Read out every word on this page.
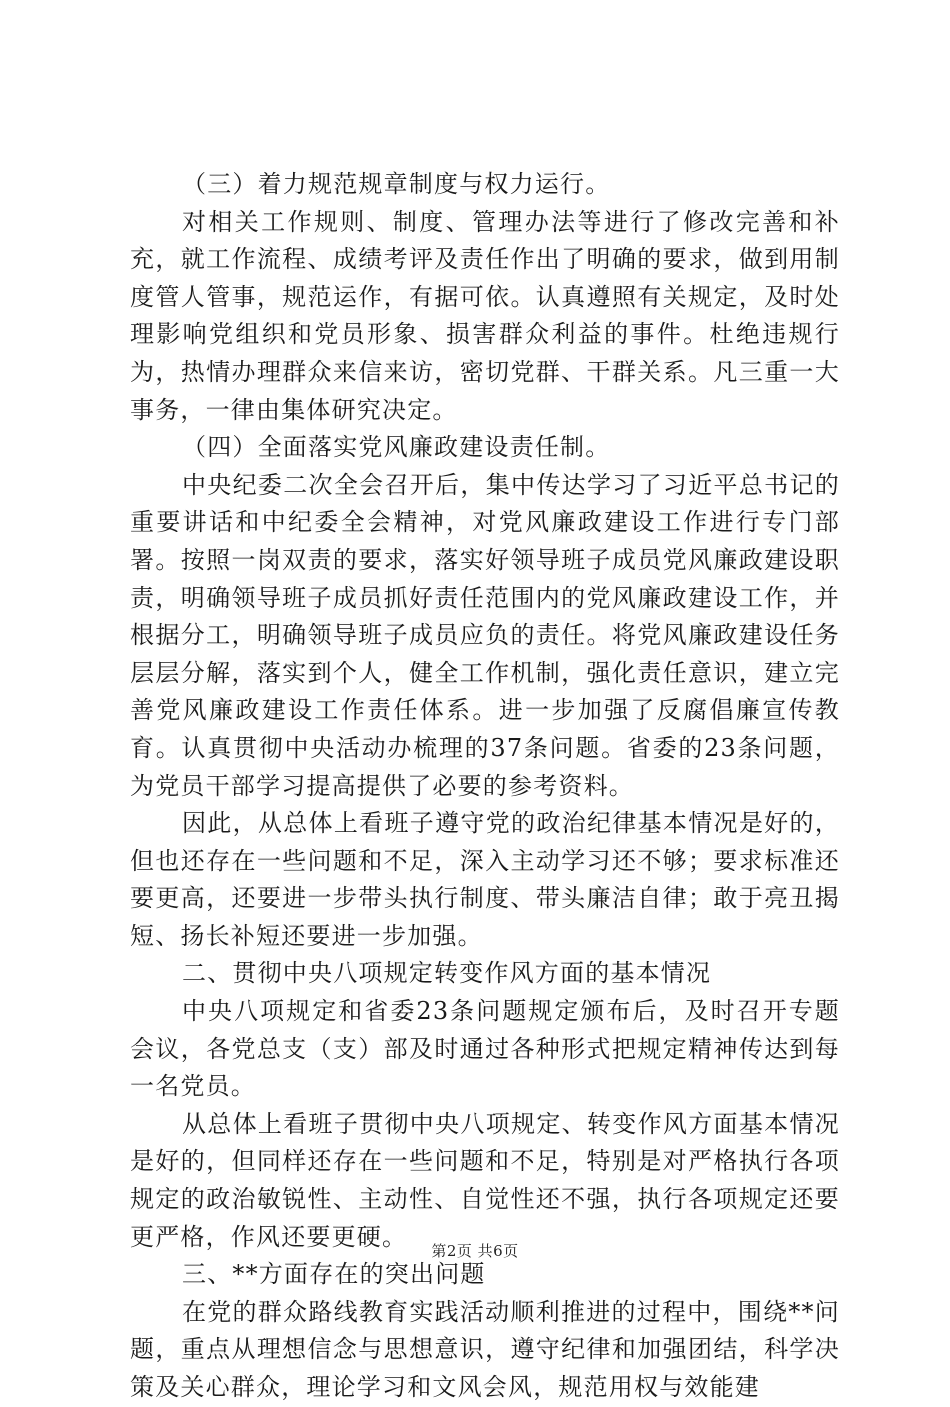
（三）着力规范规章制度与权力运行。

对相关工作规则、制度、管理办法等进行了修改完善和补充，就工作流程、成绩考评及责任作出了明确的要求，做到用制度管人管事，规范运作，有据可依。认真遵照有关规定，及时处理影响党组织和党员形象、损害群众利益的事件。杜绝违规行为，热情办理群众来信来访，密切党群、干群关系。凡三重一大事务，一律由集体研究决定。

（四）全面落实党风廉政建设责任制。

中央纪委二次全会召开后，集中传达学习了习近平总书记的重要讲话和中纪委全会精神，对党风廉政建设工作进行专门部署。按照一岗双责的要求，落实好领导班子成员党风廉政建设职责，明确领导班子成员抓好责任范围内的党风廉政建设工作，并根据分工，明确领导班子成员应负的责任。将党风廉政建设任务层层分解，落实到个人，健全工作机制，强化责任意识，建立完善党风廉政建设工作责任体系。进一步加强了反腐倡廉宣传教育。认真贯彻中央活动办梳理的37条问题。省委的23条问题，为党员干部学习提高提供了必要的参考资料。

因此，从总体上看班子遵守党的政治纪律基本情况是好的，但也还存在一些问题和不足，深入主动学习还不够；要求标准还要更高，还要进一步带头执行制度、带头廉洁自律；敢于亮丑揭短、扬长补短还要进一步加强。

二、贯彻中央八项规定转变作风方面的基本情况

中央八项规定和省委23条问题规定颁布后，及时召开专题会议，各党总支（支）部及时通过各种形式把规定精神传达到每一名党员。

从总体上看班子贯彻中央八项规定、转变作风方面基本情况是好的，但同样还存在一些问题和不足，特别是对严格执行各项规定的政治敏锐性、主动性、自觉性还不强，执行各项规定还要更严格，作风还要更硬。

三、**方面存在的突出问题

在党的群众路线教育实践活动顺利推进的过程中，围绕**问题，重点从理想信念与思想意识，遵守纪律和加强团结，科学决策及关心群众，理论学习和文风会风，规范用权与效能建

第2页 共6页
